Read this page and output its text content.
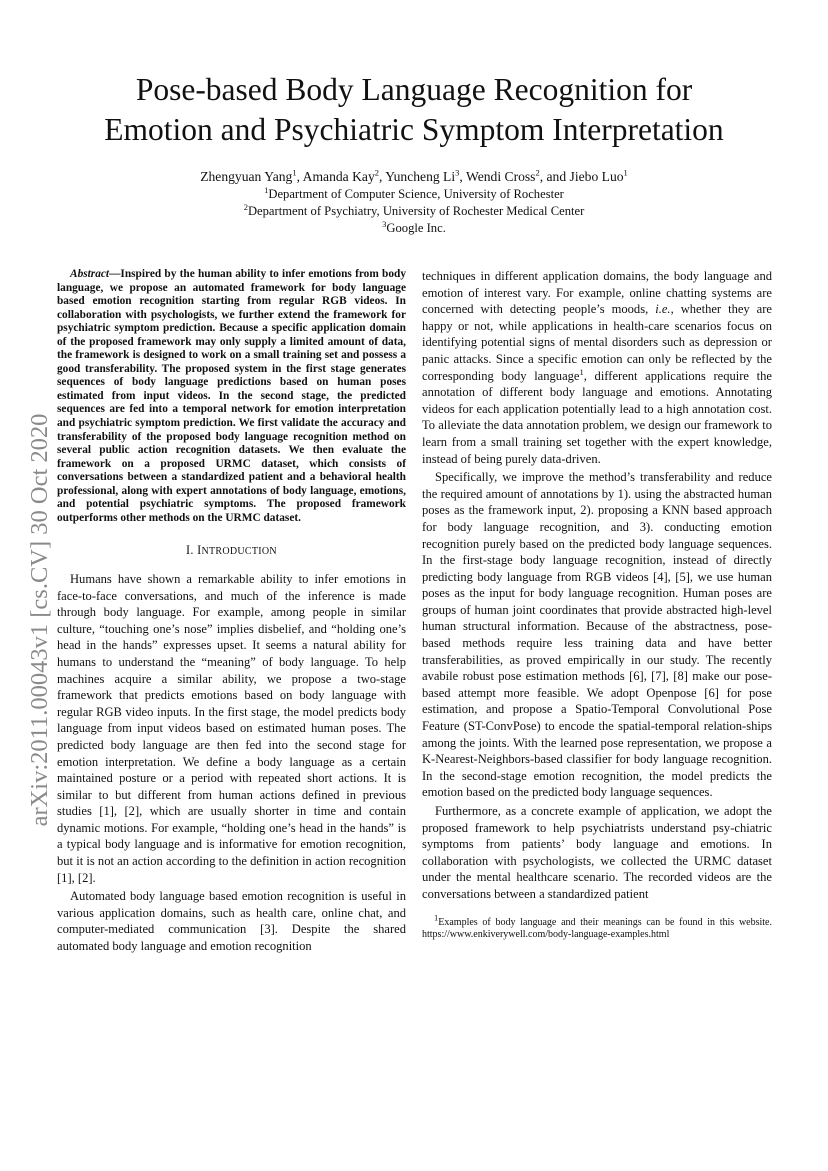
Pose-based Body Language Recognition for
Emotion and Psychiatric Symptom Interpretation
Zhengyuan Yang$^1$, Amanda Kay$^2$, Yuncheng Li$^3$, Wendi Cross$^2$, and Jiebo Luo$^1$
$^1$Department of Computer Science, University of Rochester
$^2$Department of Psychiatry, University of Rochester Medical Center
$^3$Google Inc.
arXiv:2011.00043v1 [cs.CV] 30 Oct 2020

Abstract—Inspired by the human ability to infer emotions from body language, we propose an automated framework for body language based emotion recognition starting from regular RGB videos. In collaboration with psychologists, we further extend the framework for psychiatric symptom prediction. Because a specific application domain of the proposed framework may only supply a limited amount of data, the framework is designed to work on a small training set and possess a good transferability. The proposed system in the first stage generates sequences of body language predictions based on human poses estimated from input videos. In the second stage, the predicted sequences are fed into a temporal network for emotion interpretation and psychiatric symptom prediction. We first validate the accuracy and transferability of the proposed body language recognition method on several public action recognition datasets. We then evaluate the framework on a proposed URMC dataset, which consists of conversations between a standardized patient and a behavioral health professional, along with expert annotations of body language, emotions, and potential psychiatric symptoms. The proposed framework outperforms other methods on the URMC dataset.

I. INTRODUCTION

Humans have shown a remarkable ability to infer emotions in face-to-face conversations, and much of the inference is made through body language. For example, among people in similar culture, “touching one’s nose” implies disbelief, and “holding one’s head in the hands” expresses upset. It seems a natural ability for humans to understand the “meaning” of body language. To help machines acquire a similar ability, we propose a two-stage framework that predicts emotions based on body language with regular RGB video inputs. In the first stage, the model predicts body language from input videos based on estimated human poses. The predicted body language are then fed into the second stage for emotion interpretation. We define a body language as a certain maintained posture or a period with repeated short actions. It is similar to but different from human actions defined in previous studies [1], [2], which are usually shorter in time and contain dynamic motions. For example, “holding one’s head in the hands” is a typical body language and is informative for emotion recognition, but it is not an action according to the definition in action recognition [1], [2].

Automated body language based emotion recognition is useful in various application domains, such as health care, online chat, and computer-mediated communication [3]. Despite the shared automated body language and emotion recognition

techniques in different application domains, the body language and emotion of interest vary. For example, online chatting systems are concerned with detecting people’s moods, i.e., whether they are happy or not, while applications in health-care scenarios focus on identifying potential signs of mental disorders such as depression or panic attacks. Since a specific emotion can only be reflected by the corresponding body language$^1$, different applications require the annotation of different body language and emotions. Annotating videos for each application potentially lead to a high annotation cost. To alleviate the data annotation problem, we design our framework to learn from a small training set together with the expert knowledge, instead of being purely data-driven.

Specifically, we improve the method’s transferability and reduce the required amount of annotations by 1). using the abstracted human poses as the framework input, 2). proposing a KNN based approach for body language recognition, and 3). conducting emotion recognition purely based on the predicted body language sequences. In the first-stage body language recognition, instead of directly predicting body language from RGB videos [4], [5], we use human poses as the input for body language recognition. Human poses are groups of human joint coordinates that provide abstracted high-level human structural information. Because of the abstractness, pose-based methods require less training data and have better transferabilities, as proved empirically in our study. The recently avabile robust pose estimation methods [6], [7], [8] make our pose-based attempt more feasible. We adopt Openpose [6] for pose estimation, and propose a Spatio-Temporal Convolutional Pose Feature (ST-ConvPose) to encode the spatial-temporal relation-ships among the joints. With the learned pose representation, we propose a K-Nearest-Neighbors-based classifier for body language recognition. In the second-stage emotion recognition, the model predicts the emotion based on the predicted body language sequences.

Furthermore, as a concrete example of application, we adopt the proposed framework to help psychiatrists understand psy-chiatric symptoms from patients’ body language and emotions. In collaboration with psychologists, we collected the URMC dataset under the mental healthcare scenario. The recorded videos are the conversations between a standardized patient

$^1$Examples of body language and their meanings can be found in this website. https://www.enkiverywell.com/body-language-examples.html
